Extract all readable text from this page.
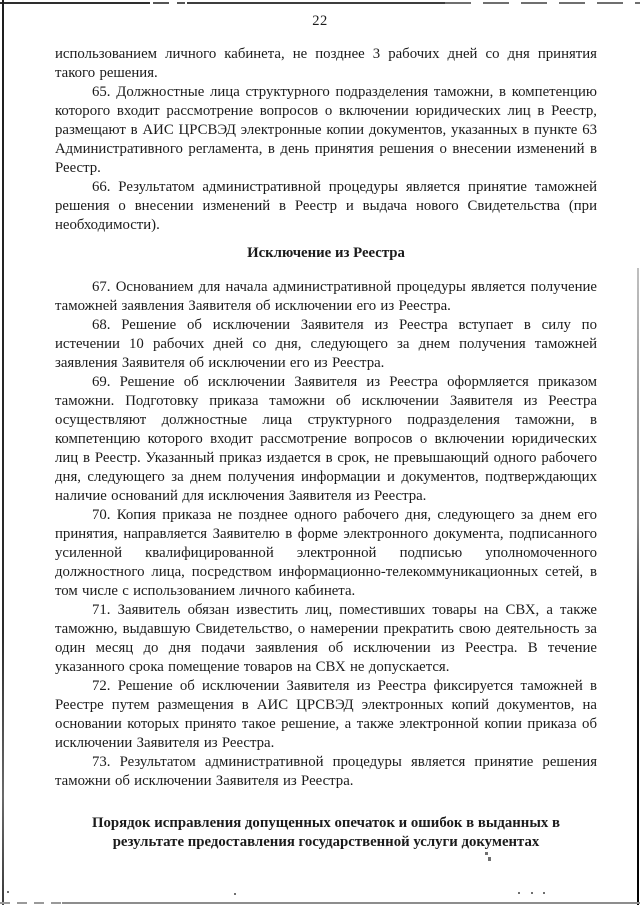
22

использованием личного кабинета, не позднее 3 рабочих дней со дня принятия такого решения.

65. Должностные лица структурного подразделения таможни, в компетенцию которого входит рассмотрение вопросов о включении юридических лиц в Реестр, размещают в АИС ЦРСВЭД электронные копии документов, указанных в пункте 63 Административного регламента, в день принятия решения о внесении изменений в Реестр.

66. Результатом административной процедуры является принятие таможней решения о внесении изменений в Реестр и выдача нового Свидетельства (при необходимости).

Исключение из Реестра

67. Основанием для начала административной процедуры является получение таможней заявления Заявителя об исключении его из Реестра.

68. Решение об исключении Заявителя из Реестра вступает в силу по истечении 10 рабочих дней со дня, следующего за днем получения таможней заявления Заявителя об исключении его из Реестра.

69. Решение об исключении Заявителя из Реестра оформляется приказом таможни. Подготовку приказа таможни об исключении Заявителя из Реестра осуществляют должностные лица структурного подразделения таможни, в компетенцию которого входит рассмотрение вопросов о включении юридических лиц в Реестр. Указанный приказ издается в срок, не превышающий одного рабочего дня, следующего за днем получения информации и документов, подтверждающих наличие оснований для исключения Заявителя из Реестра.

70. Копия приказа не позднее одного рабочего дня, следующего за днем его принятия, направляется Заявителю в форме электронного документа, подписанного усиленной квалифицированной электронной подписью уполномоченного должностного лица, посредством информационно-телекоммуникационных сетей, в том числе с использованием личного кабинета.

71. Заявитель обязан известить лиц, поместивших товары на СВХ, а также таможню, выдавшую Свидетельство, о намерении прекратить свою деятельность за один месяц до дня подачи заявления об исключении из Реестра. В течение указанного срока помещение товаров на СВХ не допускается.

72. Решение об исключении Заявителя из Реестра фиксируется таможней в Реестре путем размещения в АИС ЦРСВЭД электронных копий документов, на основании которых принято такое решение, а также электронной копии приказа об исключении Заявителя из Реестра.

73. Результатом административной процедуры является принятие решения таможни об исключении Заявителя из Реестра.

Порядок исправления допущенных опечаток и ошибок в выданных в результате предоставления государственной услуги документах
